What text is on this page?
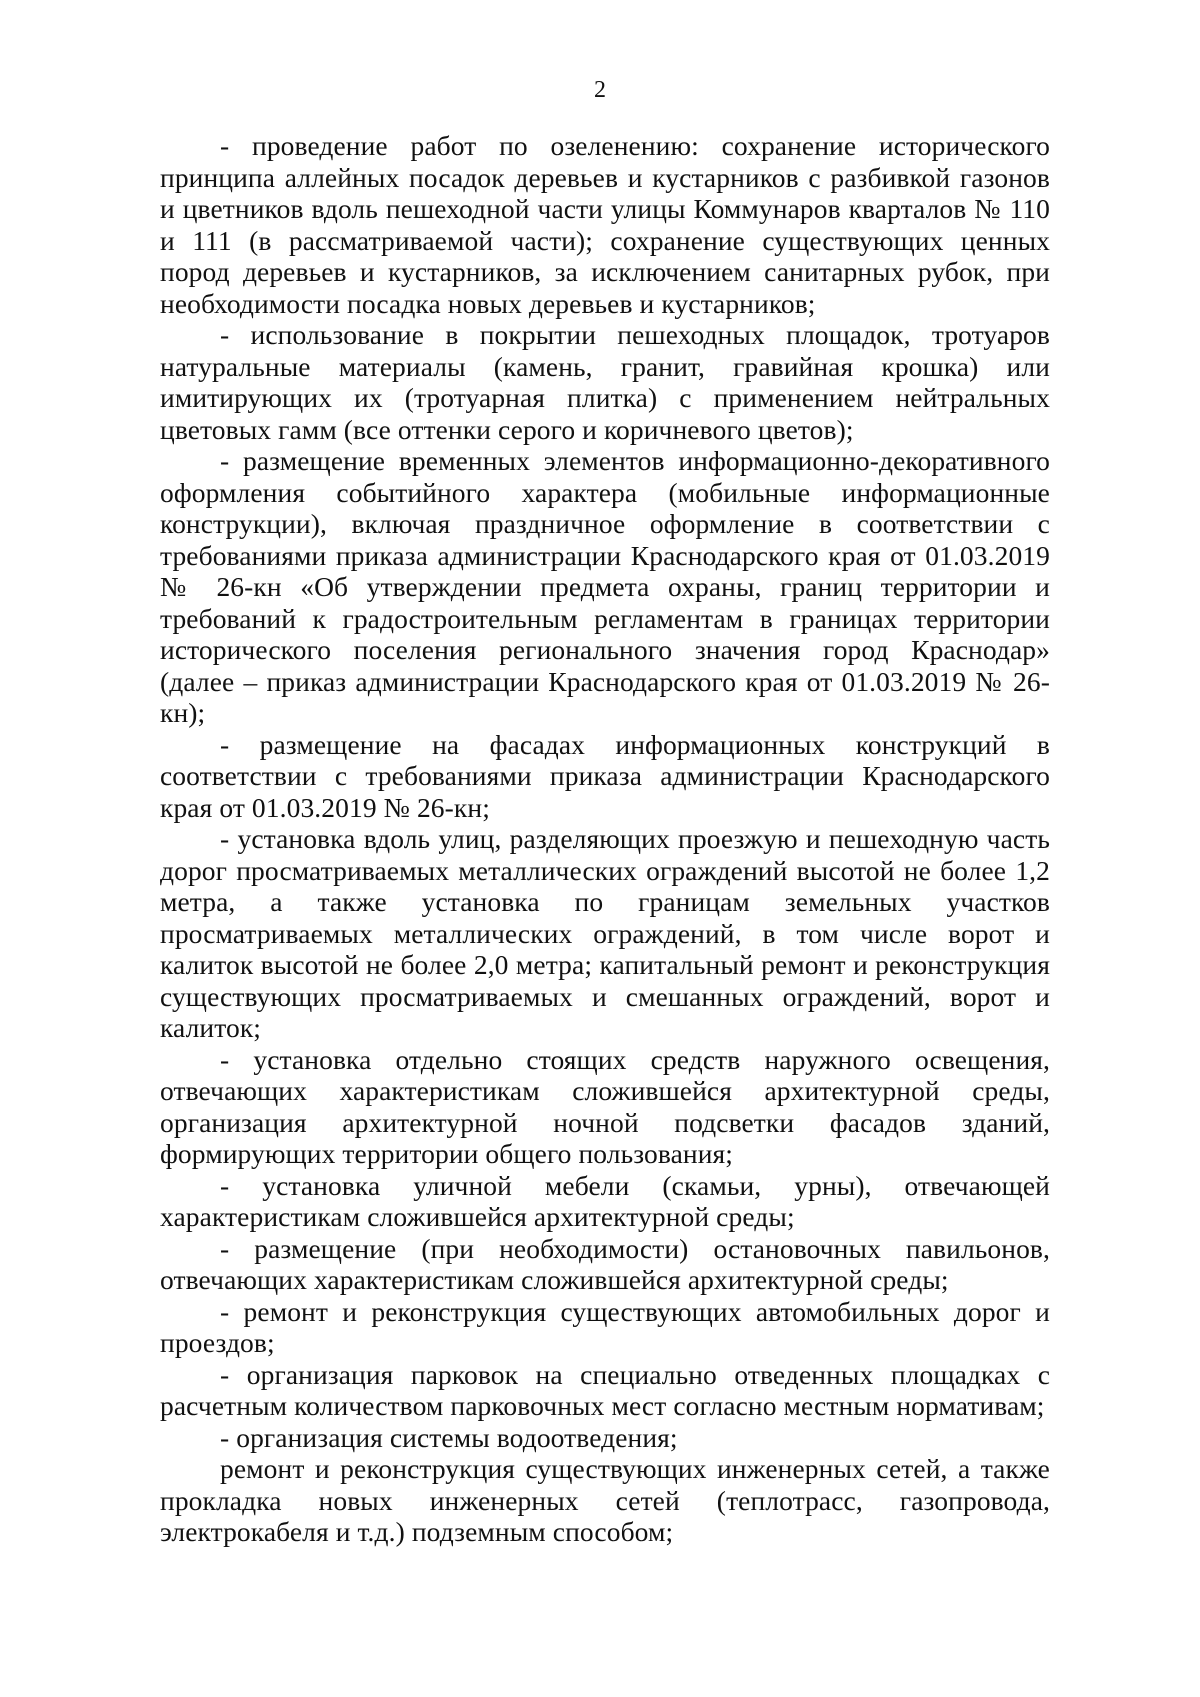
2

- проведение работ по озеленению: сохранение исторического принципа аллейных посадок деревьев и кустарников с разбивкой газонов и цветников вдоль пешеходной части улицы Коммунаров кварталов № 110 и 111 (в рассматриваемой части); сохранение существующих ценных пород деревьев и кустарников, за исключением санитарных рубок, при необходимости посадка новых деревьев и кустарников;

- использование в покрытии пешеходных площадок, тротуаров натуральные материалы (камень, гранит, гравийная крошка) или имитирующих их (тротуарная плитка) с применением нейтральных цветовых гамм (все оттенки серого и коричневого цветов);

- размещение временных элементов информационно-декоративного оформления событийного характера (мобильные информационные конструкции), включая праздничное оформление в соответствии с требованиями приказа администрации Краснодарского края от 01.03.2019 № 26-кн «Об утверждении предмета охраны, границ территории и требований к градостроительным регламентам в границах территории исторического поселения регионального значения город Краснодар» (далее – приказ администрации Краснодарского края от 01.03.2019 № 26-кн);

- размещение на фасадах информационных конструкций в соответствии с требованиями приказа администрации Краснодарского края от 01.03.2019 № 26-кн;

- установка вдоль улиц, разделяющих проезжую и пешеходную часть дорог просматриваемых металлических ограждений высотой не более 1,2 метра, а также установка по границам земельных участков просматриваемых металлических ограждений, в том числе ворот и калиток высотой не более 2,0 метра; капитальный ремонт и реконструкция существующих просматриваемых и смешанных ограждений, ворот и калиток;

- установка отдельно стоящих средств наружного освещения, отвечающих характеристикам сложившейся архитектурной среды, организация архитектурной ночной подсветки фасадов зданий, формирующих территории общего пользования;

- установка уличной мебели (скамьи, урны), отвечающей характеристикам сложившейся архитектурной среды;

- размещение (при необходимости) остановочных павильонов, отвечающих характеристикам сложившейся архитектурной среды;

- ремонт и реконструкция существующих автомобильных дорог и проездов;

- организация парковок на специально отведенных площадках с расчетным количеством парковочных мест согласно местным нормативам;

- организация системы водоотведения;

ремонт и реконструкция существующих инженерных сетей, а также прокладка новых инженерных сетей (теплотрасс, газопровода, электрокабеля и т.д.) подземным способом;
